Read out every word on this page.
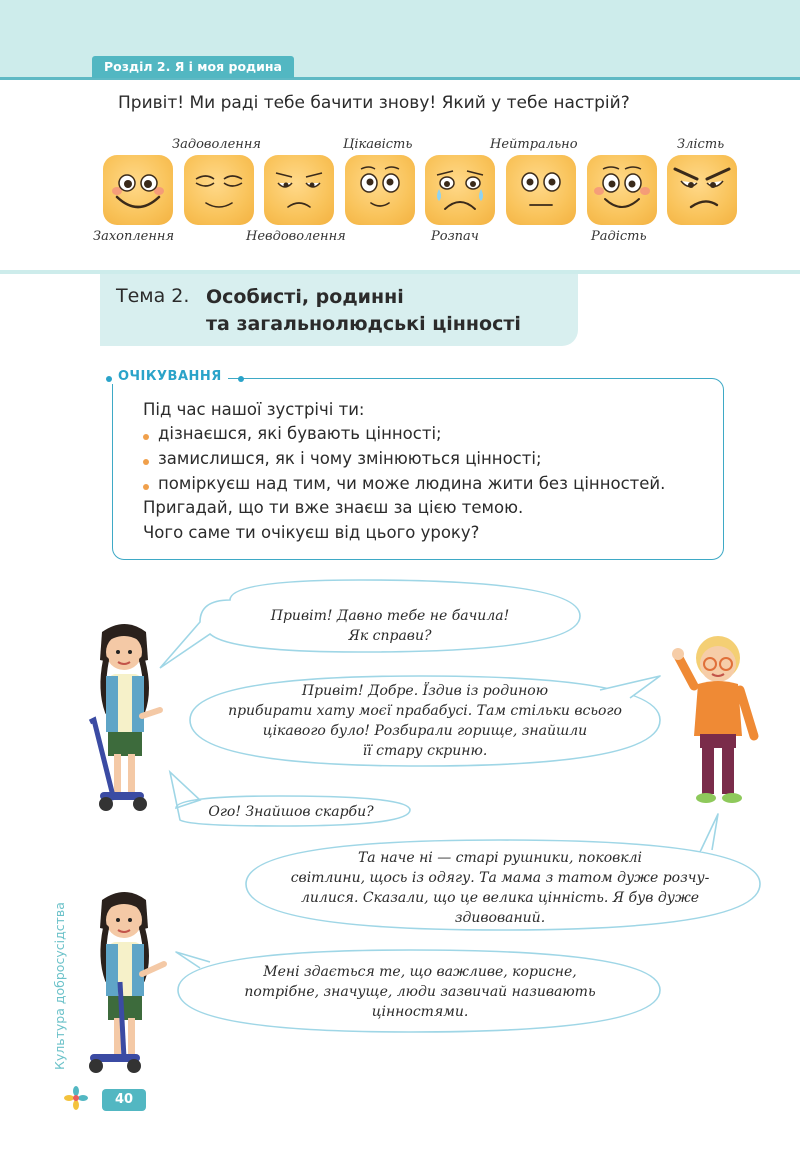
Розділ 2. Я і моя родина
Привіт! Ми раді тебе бачити знову! Який у тебе настрій?
Захоплення
Задоволення
Невдоволення
Цікавість
Розпач
Нейтрально
Радість
Злість
Тема 2. Особисті, родинні
та загальнолюдські цінності
ОЧІКУВАННЯ
Під час нашої зустрічі ти:
дізнаєшся, які бувають цінності;
замислишся, як і чому змінюються цінності;
поміркуєш над тим, чи може людина жити без цінностей.
Пригадай, що ти вже знаєш за цією темою.
Чого саме ти очікуєш від цього уроку?
Привіт! Давно тебе не бачила!
Як справи?
Привіт! Добре. Їздив із родиною
прибирати хату моєї прабабусі. Там стільки всього
цікавого було! Розбирали горище, знайшли
її стару скриню.
Ого! Знайшов скарби?
Та наче ні — старі рушники, поковклі
світлини, щось із одягу. Та мама з татом дуже розчу-
лилися. Сказали, що це велика цінність. Я був дуже
здивований.
Мені здається те, що важливе, корисне,
потрібне, значуще, люди зазвичай називають
цінностями.
Культура добросусідства
40
